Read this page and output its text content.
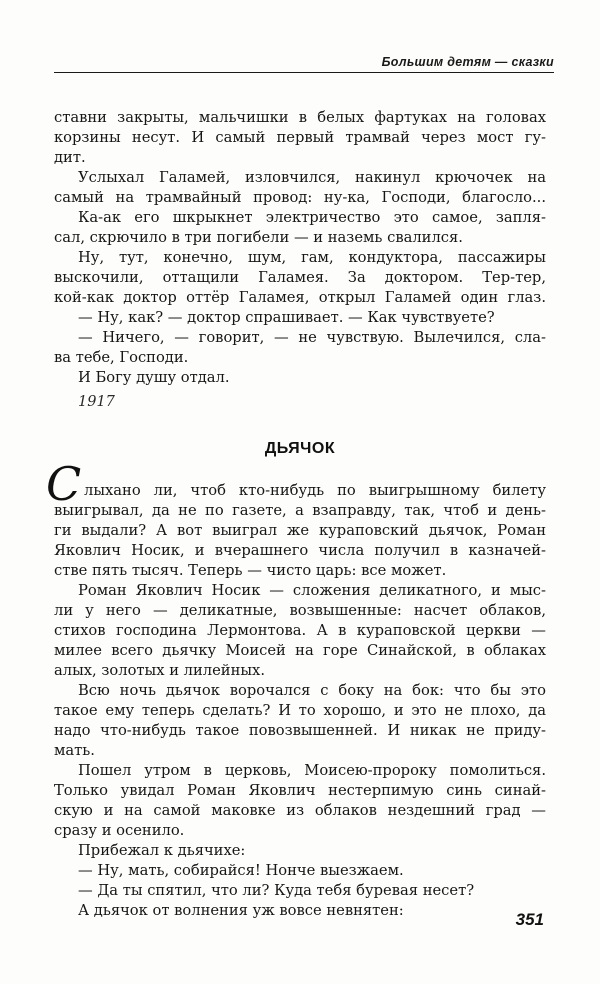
Большим детям — сказки
ставни закрыты, мальчишки в белых фартуках на головах
корзины несут. И самый первый трамвай через мост гу-
дит.
Услыхал Галамей, изловчился, накинул крючочек на
самый на трамвайный провод: ну-ка, Господи, благосло...
Ка-ак его шкрыкнет электричество это самое, запля-
сал, скрючило в три погибели — и наземь свалился.
Ну, тут, конечно, шум, гам, кондуктора, пассажиры
выскочили, оттащили Галамея. За доктором. Тер-тер,
кой-как доктор оттёр Галамея, открыл Галамей один глаз.
— Ну, как? — доктор спрашивает. — Как чувствуете?
— Ничего, — говорит, — не чувствую. Вылечился, сла-
ва тебе, Господи.
И Богу душу отдал.
1917
ДЬЯЧОК
С лыхано ли, чтоб кто-нибудь по выигрышному билету
выигрывал, да не по газете, а взаправду, так, чтоб и день-
ги выдали? А вот выиграл же кураповский дьячок, Роман
Яковлич Носик, и вчерашнего числа получил в казначей-
стве пять тысяч. Теперь — чисто царь: все может.
Роман Яковлич Носик — сложения деликатного, и мыс-
ли у него — деликатные, возвышенные: насчет облаков,
стихов господина Лермонтова. А в кураповской церкви —
милее всего дьячку Моисей на горе Синайской, в облаках
алых, золотых и лилейных.
Всю ночь дьячок ворочался с боку на бок: что бы это
такое ему теперь сделать? И то хорошо, и это не плохо, да
надо что-нибудь такое повозвышенней. И никак не приду-
мать.
Пошел утром в церковь, Моисею-пророку помолиться.
Только увидал Роман Яковлич нестерпимую синь синай-
скую и на самой маковке из облаков нездешний град —
сразу и осенило.
Прибежал к дьячихе:
— Ну, мать, собирайся! Нонче выезжаем.
— Да ты спятил, что ли? Куда тебя буревая несет?
А дьячок от волнения уж вовсе невнятен:	351
